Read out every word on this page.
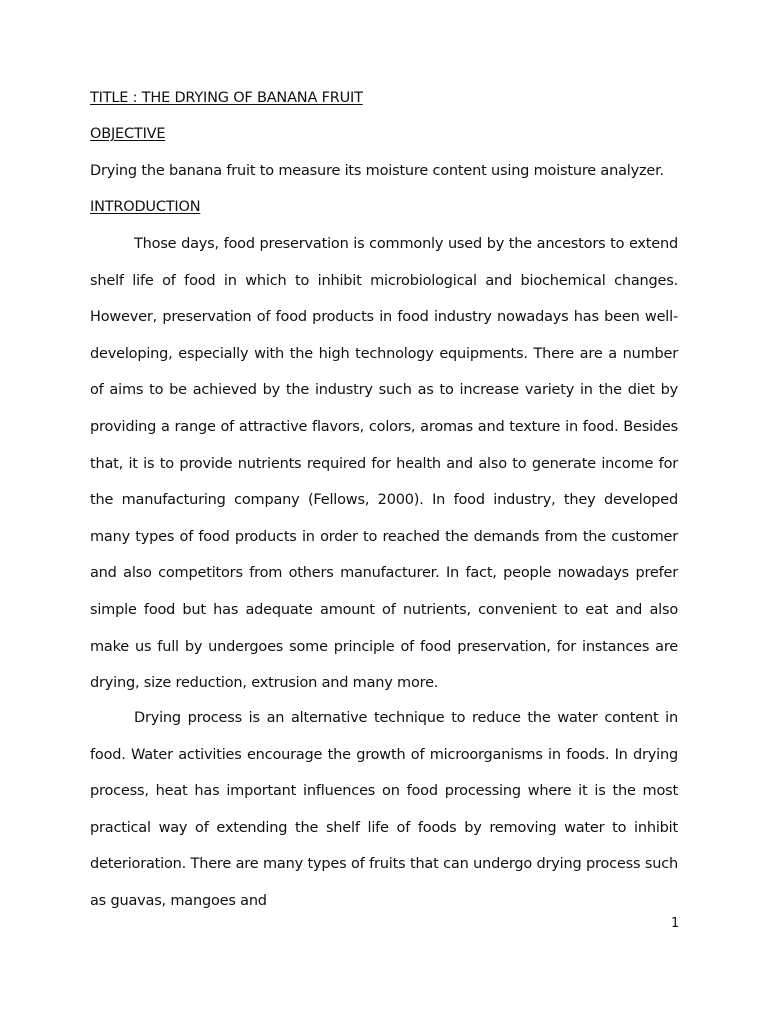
TITLE : THE DRYING OF BANANA FRUIT
OBJECTIVE
Drying the banana fruit to measure its moisture content using moisture analyzer.
INTRODUCTION

Those days, food preservation is commonly used by the ancestors to extend shelf life of food in which to inhibit microbiological and biochemical changes. However, preservation of food products in food industry nowadays has been well-developing, especially with the high technology equipments. There are a number of aims to be achieved by the industry such as to increase variety in the diet by providing a range of attractive flavors, colors, aromas and texture in food. Besides that, it is to provide nutrients required for health and also to generate income for the manufacturing company (Fellows, 2000). In food industry, they developed many types of food products in order to reached the demands from the customer and also competitors from others manufacturer. In fact, people nowadays prefer simple food but has adequate amount of nutrients, convenient to eat and also make us full by undergoes some principle of food preservation, for instances are drying, size reduction, extrusion and many more.

Drying process is an alternative technique to reduce the water content in food. Water activities encourage the growth of microorganisms in foods. In drying process, heat has important influences on food processing where it is the most practical way of extending the shelf life of foods by removing water to inhibit deterioration. There are many types of fruits that can undergo drying process such as guavas, mangoes and

1
